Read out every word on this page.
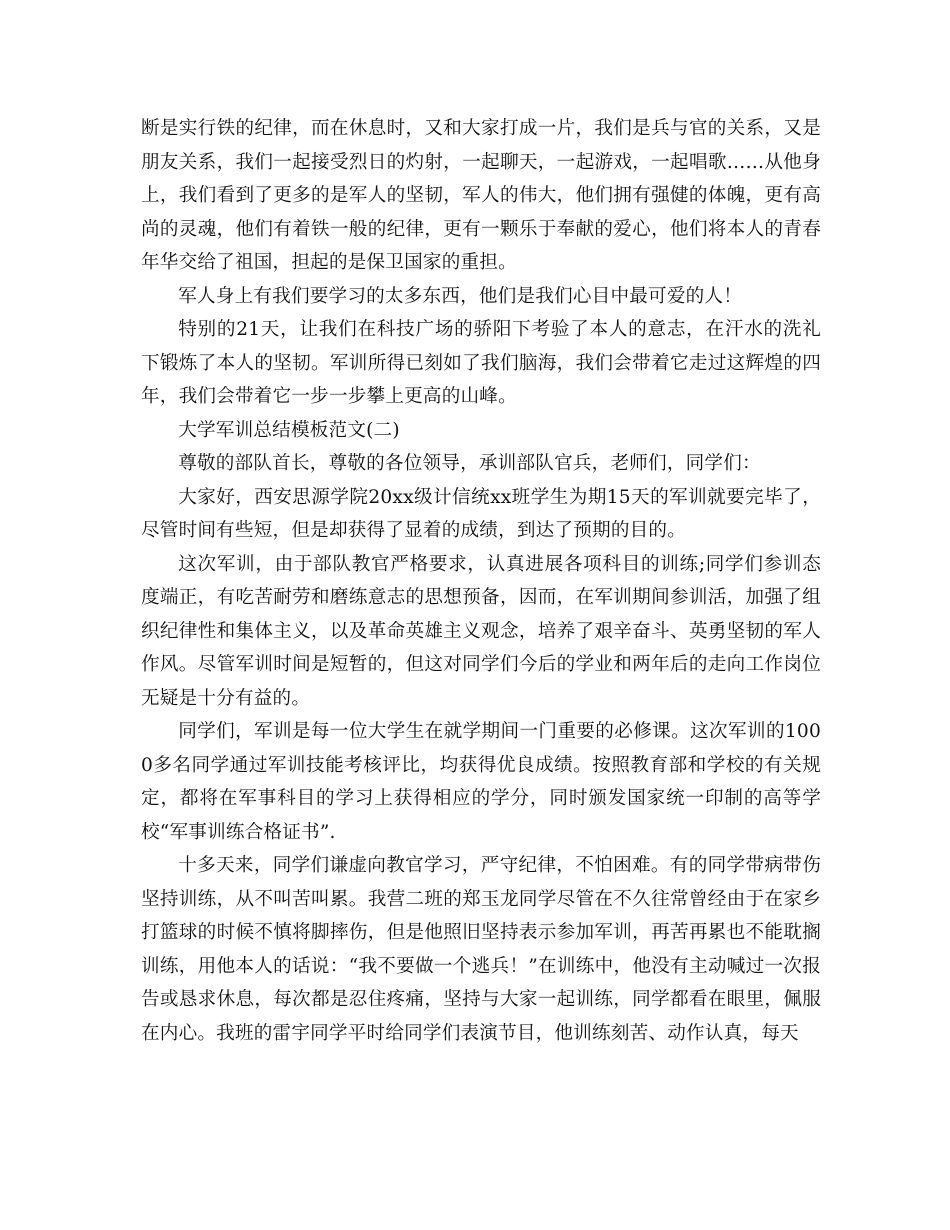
断是实行铁的纪律，而在休息时，又和大家打成一片，我们是兵与官的关系，又是朋友关系，我们一起接受烈日的灼射，一起聊天，一起游戏，一起唱歌……从他身上，我们看到了更多的是军人的坚韧，军人的伟大，他们拥有强健的体魄，更有高尚的灵魂，他们有着铁一般的纪律，更有一颗乐于奉献的爱心，他们将本人的青春年华交给了祖国，担起的是保卫国家的重担。

军人身上有我们要学习的太多东西，他们是我们心目中最可爱的人！

特别的21天，让我们在科技广场的骄阳下考验了本人的意志，在汗水的洗礼下锻炼了本人的坚韧。军训所得已刻如了我们脑海，我们会带着它走过这辉煌的四年，我们会带着它一步一步攀上更高的山峰。

大学军训总结模板范文(二)

尊敬的部队首长，尊敬的各位领导，承训部队官兵，老师们，同学们：

大家好，西安思源学院20xx级计信统xx班学生为期15天的军训就要完毕了，尽管时间有些短，但是却获得了显着的成绩，到达了预期的目的。

这次军训，由于部队教官严格要求，认真进展各项科目的训练;同学们参训态度端正，有吃苦耐劳和磨练意志的思想预备，因而，在军训期间参训活，加强了组织纪律性和集体主义，以及革命英雄主义观念，培养了艰辛奋斗、英勇坚韧的军人作风。尽管军训时间是短暂的，但这对同学们今后的学业和两年后的走向工作岗位无疑是十分有益的。

同学们，军训是每一位大学生在就学期间一门重要的必修课。这次军训的1000多名同学通过军训技能考核评比，均获得优良成绩。按照教育部和学校的有关规定，都将在军事科目的学习上获得相应的学分，同时颁发国家统一印制的高等学校“军事训练合格证书”.

十多天来，同学们谦虚向教官学习，严守纪律，不怕困难。有的同学带病带伤坚持训练，从不叫苦叫累。我营二班的郑玉龙同学尽管在不久往常曾经由于在家乡打篮球的时候不慎将脚摔伤，但是他照旧坚持表示参加军训，再苦再累也不能耽搁训练，用他本人的话说：“我不要做一个逃兵！”在训练中，他没有主动喊过一次报告或恳求休息，每次都是忍住疼痛，坚持与大家一起训练，同学都看在眼里，佩服在内心。我班的雷宇同学平时给同学们表演节目，他训练刻苦、动作认真，每天
